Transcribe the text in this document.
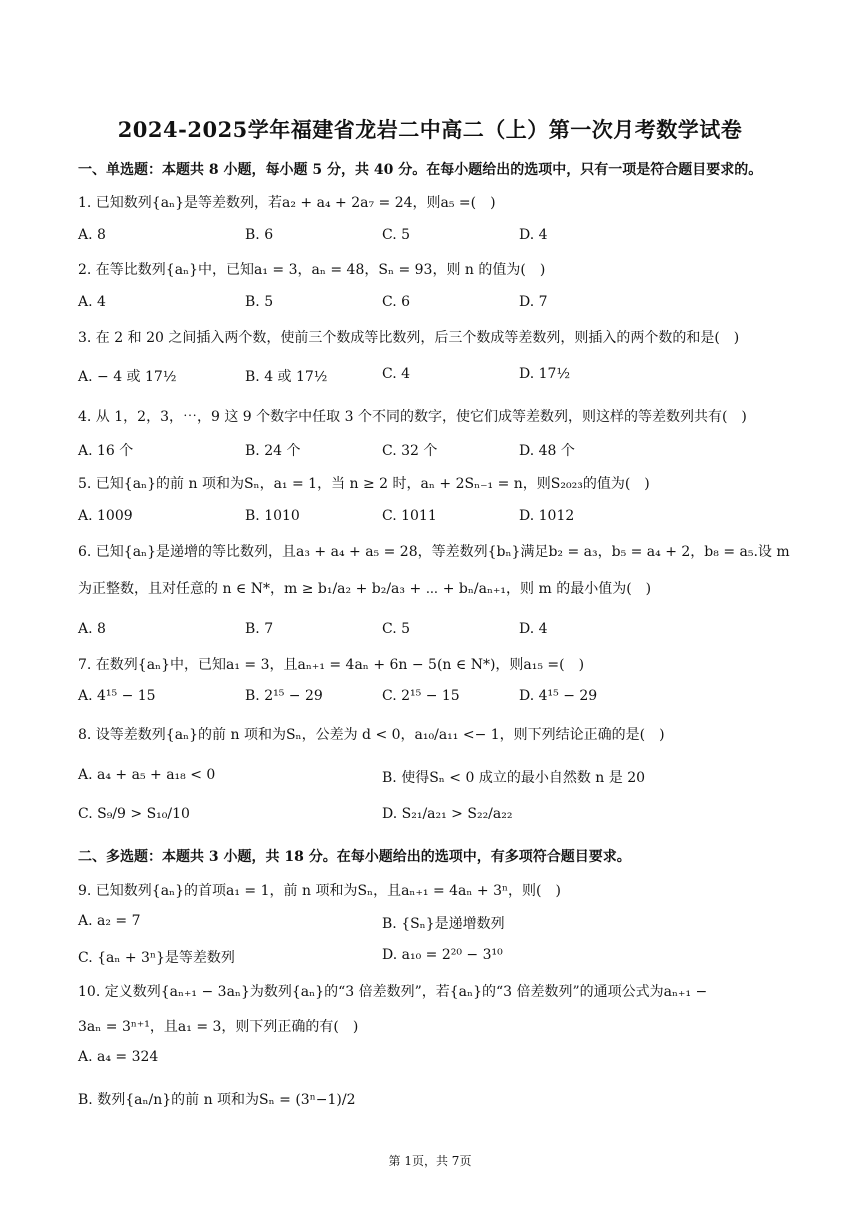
2024-2025学年福建省龙岩二中高二（上）第一次月考数学试卷
一、单选题：本题共 8 小题，每小题 5 分，共 40 分。在每小题给出的选项中，只有一项是符合题目要求的。
1. 已知数列{aₙ}是等差数列，若a₂ + a₄ + 2a₇ = 24，则a₅ =(　)
A. 8	B. 6	C. 5	D. 4
2. 在等比数列{aₙ}中，已知a₁ = 3，aₙ = 48，Sₙ = 93，则 n 的值为(　)
A. 4	B. 5	C. 6	D. 7
3. 在 2 和 20 之间插入两个数，使前三个数成等比数列，后三个数成等差数列，则插入的两个数的和是(　)
A. − 4 或 17½	B. 4 或 17½	C. 4	D. 17½
4. 从 1，2，3，⋯，9 这 9 个数字中任取 3 个不同的数字，使它们成等差数列，则这样的等差数列共有(　)
A. 16 个	B. 24 个	C. 32 个	D. 48 个
5. 已知{aₙ}的前 n 项和为Sₙ，a₁ = 1，当 n ≥ 2 时，aₙ + 2Sₙ₋₁ = n，则S₂₀₂₃的值为(　)
A. 1009	B. 1010	C. 1011	D. 1012
6. 已知{aₙ}是递增的等比数列，且a₃ + a₄ + a₅ = 28，等差数列{bₙ}满足b₂ = a₃，b₅ = a₄ + 2，b₈ = a₅.设 m
为正整数，且对任意的 n ∈ N*，m ≥ b₁/a₂ + b₂/a₃ + ⋯ + bₙ/aₙ₊₁，则 m 的最小值为(　)
A. 8	B. 7	C. 5	D. 4
7. 在数列{aₙ}中，已知a₁ = 3，且aₙ₊₁ = 4aₙ + 6n − 5(n ∈ N*)，则a₁₅ =(　)
A. 4¹⁵ − 15	B. 2¹⁵ − 29	C. 2¹⁵ − 15	D. 4¹⁵ − 29
8. 设等差数列{aₙ}的前 n 项和为Sₙ，公差为 d < 0，a₁₀/a₁₁ <− 1，则下列结论正确的是(　)
A. a₄ + a₅ + a₁₈ < 0	B. 使得Sₙ < 0 成立的最小自然数 n 是 20
C. S₉/9 > S₁₀/10	D. S₂₁/a₂₁ > S₂₂/a₂₂
二、多选题：本题共 3 小题，共 18 分。在每小题给出的选项中，有多项符合题目要求。
9. 已知数列{aₙ}的首项a₁ = 1，前 n 项和为Sₙ，且aₙ₊₁ = 4aₙ + 3ⁿ，则(　)
A. a₂ = 7	B. {Sₙ}是递增数列
C. {aₙ + 3ⁿ}是等差数列	D. a₁₀ = 2²⁰ − 3¹⁰
10. 定义数列{aₙ₊₁ − 3aₙ}为数列{aₙ}的“3 倍差数列”，若{aₙ}的“3 倍差数列”的通项公式为aₙ₊₁ −
3aₙ = 3ⁿ⁺¹，且a₁ = 3，则下列正确的有(　)
A. a₄ = 324
B. 数列{aₙ/n}的前 n 项和为Sₙ = (3ⁿ−1)/2
第 1页，共 7页
